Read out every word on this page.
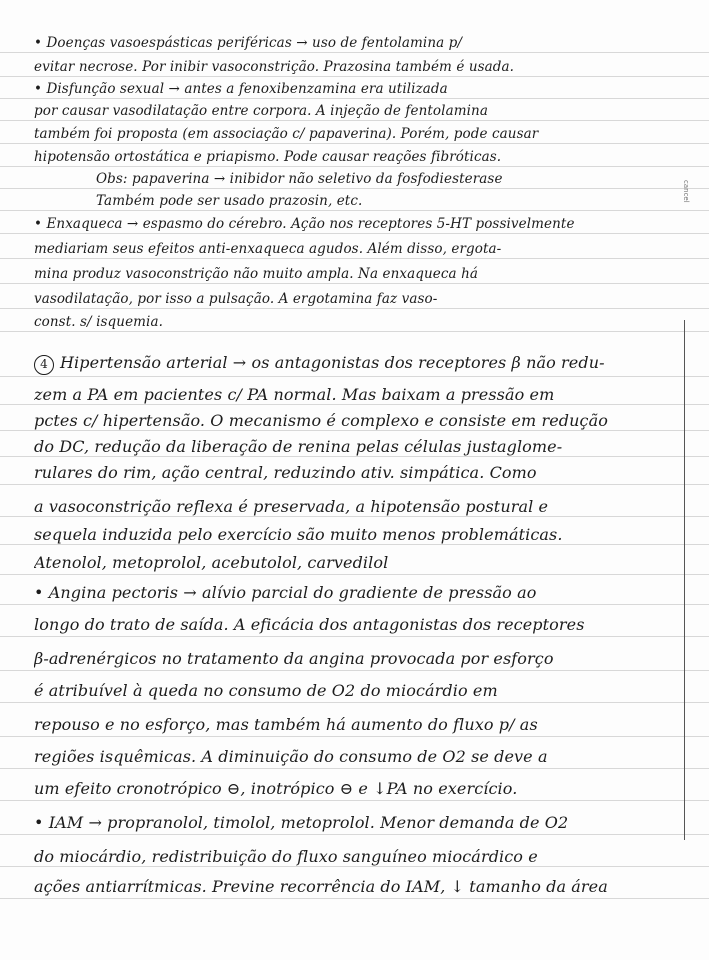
cancel
• Doenças vasoespásticas periféricas → uso de fentolamina p/
evitar necrose. Por inibir vasoconstrição. Prazosina também é usada.
• Disfunção sexual → antes a fenoxibenzamina era utilizada
por causar vasodilatação entre corpora. A injeção de fentolamina
também foi proposta (em associação c/ papaverina). Porém, pode causar
hipotensão ortostática e priapismo. Pode causar reações fibróticas.
Obs: papaverina → inibidor não seletivo da fosfodiesterase
Também pode ser usado prazosin, etc.
• Enxaqueca → espasmo do cérebro. Ação nos receptores 5-HT possivelmente
mediariam seus efeitos anti-enxaqueca agudos. Além disso, ergota-
mina produz vasoconstrição não muito ampla. Na enxaqueca há
vasodilatação, por isso a pulsação. A ergotamina faz vaso-
const. s/ isquemia.
4 Hipertensão arterial → os antagonistas dos receptores β não redu-
zem a PA em pacientes c/ PA normal. Mas baixam a pressão em
pctes c/ hipertensão. O mecanismo é complexo e consiste em redução
do DC, redução da liberação de renina pelas células justaglome-
rulares do rim, ação central, reduzindo ativ. simpática. Como
a vasoconstrição reflexa é preservada, a hipotensão postural e
sequela induzida pelo exercício são muito menos problemáticas.
Atenolol, metoprolol, acebutolol, carvedilol
• Angina pectoris → alívio parcial do gradiente de pressão ao
longo do trato de saída. A eficácia dos antagonistas dos receptores
β-adrenérgicos no tratamento da angina provocada por esforço
é atribuível à queda no consumo de O2 do miocárdio em
repouso e no esforço, mas também há aumento do fluxo p/ as
regiões isquêmicas. A diminuição do consumo de O2 se deve a
um efeito cronotrópico ⊖, inotrópico ⊖ e ↓PA no exercício.
• IAM → propranolol, timolol, metoprolol. Menor demanda de O2
do miocárdio, redistribuição do fluxo sanguíneo miocárdico e
ações antiarrítmicas. Previne recorrência do IAM, ↓ tamanho da área
